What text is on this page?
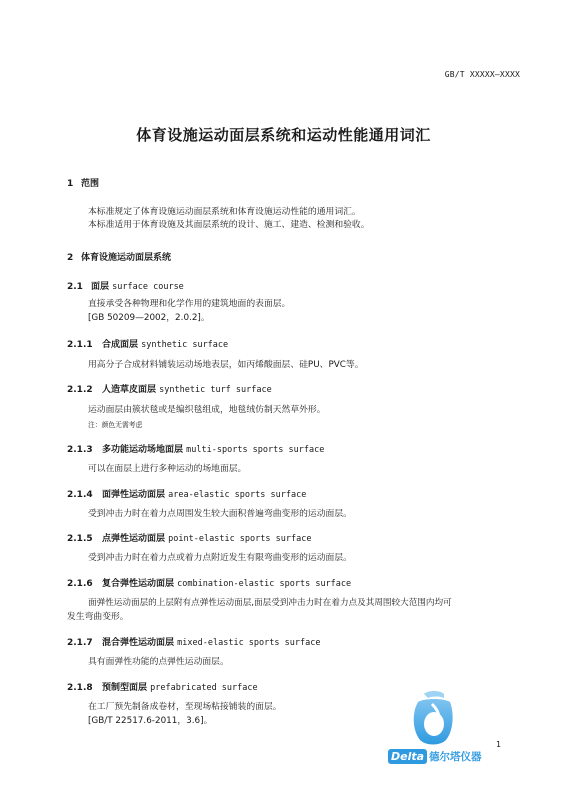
GB/T XXXXX—XXXX
体育设施运动面层系统和运动性能通用词汇
1 范围
本标准规定了体育设施运动面层系统和体育设施运动性能的通用词汇。
本标准适用于体育设施及其面层系统的设计、施工、建造、检测和验收。
2 体育设施运动面层系统
2.1 面层 surface course
直接承受各种物理和化学作用的建筑地面的表面层。
[GB 50209—2002，2.0.2]。
2.1.1 合成面层 synthetic surface
用高分子合成材料铺装运动场地表层，如丙烯酸面层、硅PU、PVC等。
2.1.2 人造草皮面层 synthetic turf surface
运动面层由簇状毯或是编织毯组成，地毯绒仿制天然草外形。
注：颜色无需考虑
2.1.3 多功能运动场地面层 multi-sports sports surface
可以在面层上进行多种运动的场地面层。
2.1.4 面弹性运动面层 area-elastic sports surface
受到冲击力时在着力点周围发生较大面积普遍弯曲变形的运动面层。
2.1.5 点弹性运动面层 point-elastic sports surface
受到冲击力时在着力点或着力点附近发生有限弯曲变形的运动面层。
2.1.6 复合弹性运动面层 combination-elastic sports surface
面弹性运动面层的上层附有点弹性运动面层,面层受到冲击力时在着力点及其周围较大范围内均可
发生弯曲变形。
2.1.7 混合弹性运动面层 mixed-elastic sports surface
具有面弹性功能的点弹性运动面层。
2.1.8 预制型面层 prefabricated surface
在工厂预先制备成卷材，至现场粘接铺装的面层。
[GB/T 22517.6-2011，3.6]。
1
Delta 德尔塔仪器
